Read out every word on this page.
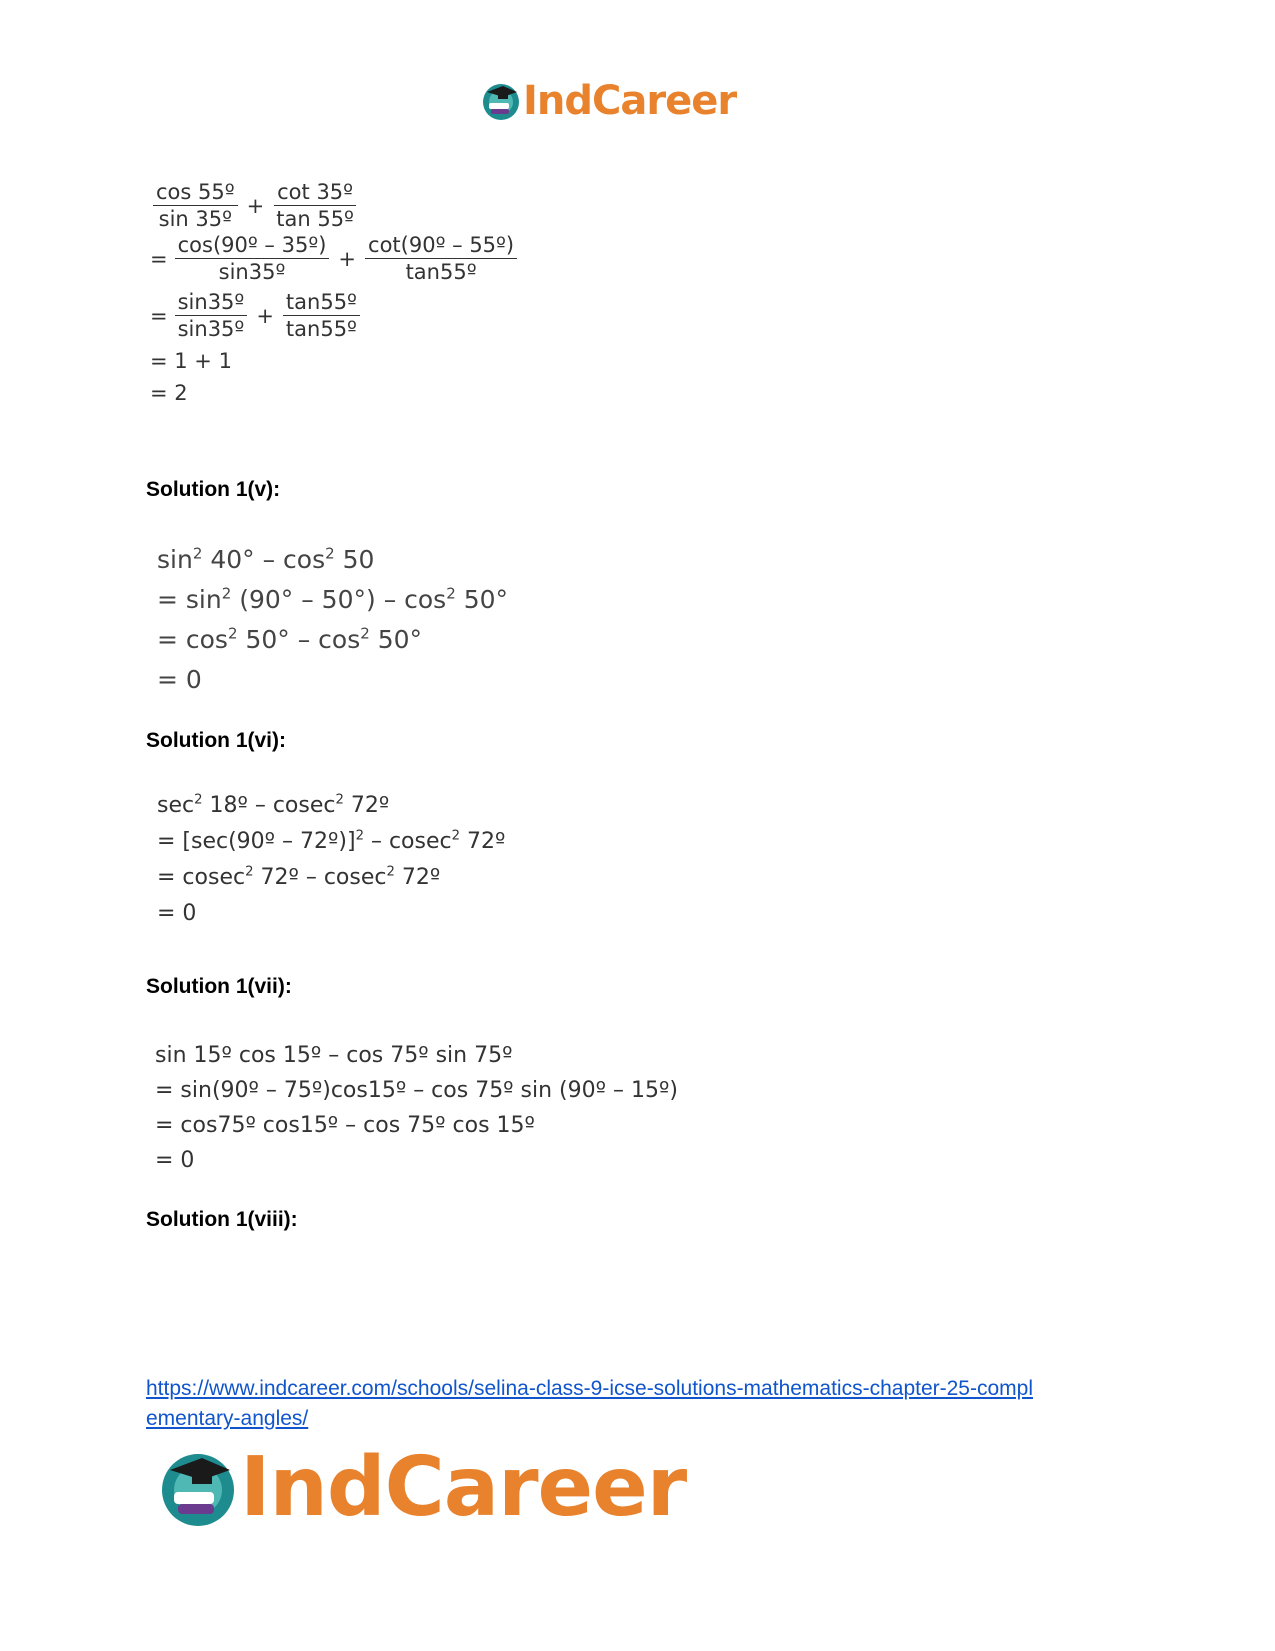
IndCareer
$\frac{\text{cos 55º}}{\text{sin 35º}} + \frac{\text{cot 35º}}{\text{tan 55º}}$
= $\frac{\text{cos(90º – 35º)}}{\text{sin35º}} + \frac{\text{cot(90º – 55º)}}{\text{tan55º}}$
= $\frac{\text{sin35º}}{\text{sin35º}} + \frac{\text{tan55º}}{\text{tan55º}}$
= 1 + 1
= 2
Solution 1(v):
$\sin^2 40^\circ - \cos^2 50$
= $\sin^2 (90^\circ - 50^\circ) - \cos^2 50^\circ$
= $\cos^2 50^\circ - \cos^2 50^\circ$
= 0
Solution 1(vi):
$\sec^2$ 18º – cosec$^2$ 72º
= [sec(90º – 72º)]$^2$ – cosec$^2$ 72º
= cosec$^2$ 72º – cosec$^2$ 72º
= 0
Solution 1(vii):
sin 15º cos 15º – cos 75º sin 75º
= sin(90º – 75º)cos15º – cos 75º sin (90º – 15º)
= cos75º cos15º – cos 75º cos 15º
= 0
Solution 1(viii):
https://www.indcareer.com/schools/selina-class-9-icse-solutions-mathematics-chapter-25-compl
ementary-angles/
IndCareer
